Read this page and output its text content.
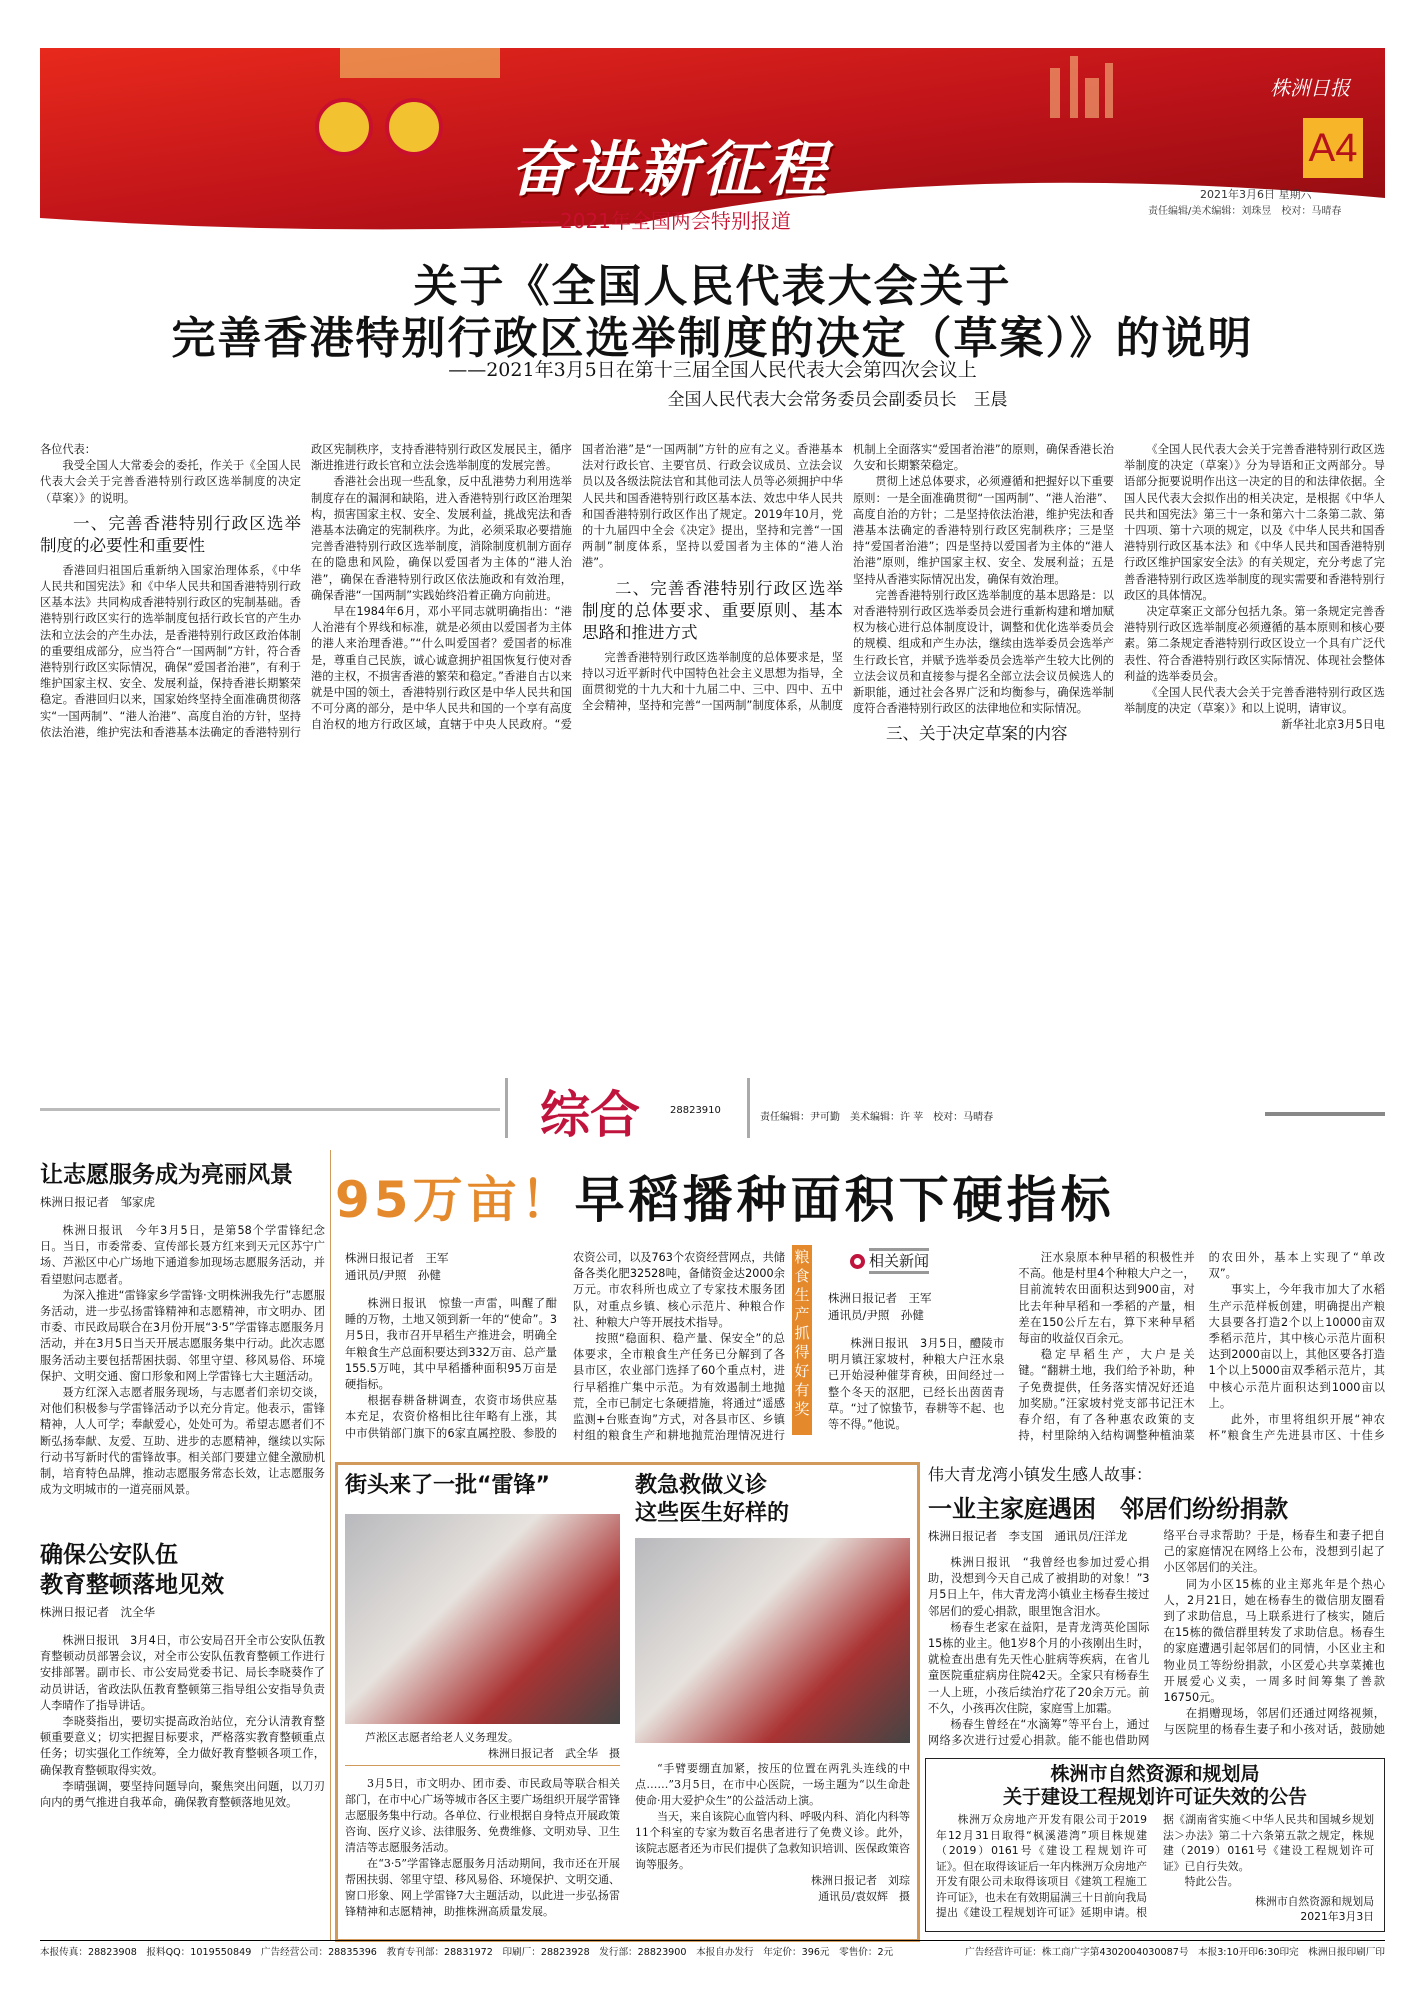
奋进新征程
——2021年全国两会特别报道
株洲日报
A4
2021年3月6日 星期六
责任编辑/美术编辑：刘珠昱　校对：马晴春
关于《全国人民代表大会关于
完善香港特别行政区选举制度的决定（草案）》的说明
——2021年3月5日在第十三届全国人民代表大会第四次会议上
全国人民代表大会常务委员会副委员长　王晨

各位代表：

我受全国人大常委会的委托，作关于《全国人民代表大会关于完善香港特别行政区选举制度的决定（草案）》的说明。

一、完善香港特别行政区选举制度的必要性和重要性

香港回归祖国后重新纳入国家治理体系，《中华人民共和国宪法》和《中华人民共和国香港特别行政区基本法》共同构成香港特别行政区的宪制基础。香港特别行政区实行的选举制度包括行政长官的产生办法和立法会的产生办法，是香港特别行政区政治体制的重要组成部分，应当符合“一国两制”方针，符合香港特别行政区实际情况，确保“爱国者治港”，有利于维护国家主权、安全、发展利益，保持香港长期繁荣稳定。香港回归以来，国家始终坚持全面准确贯彻落实“一国两制”、“港人治港”、高度自治的方针，坚持依法治港，维护宪法和香港基本法确定的香港特别行政区宪制秩序，支持香港特别行政区发展民主，循序渐进推进行政长官和立法会选举制度的发展完善。

香港社会出现一些乱象，反中乱港势力利用选举制度存在的漏洞和缺陷，进入香港特别行政区治理架构，损害国家主权、安全、发展利益，挑战宪法和香港基本法确定的宪制秩序。为此，必须采取必要措施完善香港特别行政区选举制度，消除制度机制方面存在的隐患和风险，确保以爱国者为主体的“港人治港”，确保在香港特别行政区依法施政和有效治理，确保香港“一国两制”实践始终沿着正确方向前进。

早在1984年6月，邓小平同志就明确指出：“港人治港有个界线和标准，就是必须由以爱国者为主体的港人来治理香港。”“什么叫爱国者？爱国者的标准是，尊重自己民族，诚心诚意拥护祖国恢复行使对香港的主权，不损害香港的繁荣和稳定。”香港自古以来就是中国的领土，香港特别行政区是中华人民共和国不可分离的部分，是中华人民共和国的一个享有高度自治权的地方行政区域，直辖于中央人民政府。“爱国者治港”是“一国两制”方针的应有之义。香港基本法对行政长官、主要官员、行政会议成员、立法会议员以及各级法院法官和其他司法人员等必须拥护中华人民共和国香港特别行政区基本法、效忠中华人民共和国香港特别行政区作出了规定。2019年10月，党的十九届四中全会《决定》提出，坚持和完善“一国两制”制度体系，坚持以爱国者为主体的“港人治港”。

二、完善香港特别行政区选举制度的总体要求、重要原则、基本思路和推进方式

完善香港特别行政区选举制度的总体要求是，坚持以习近平新时代中国特色社会主义思想为指导，全面贯彻党的十九大和十九届二中、三中、四中、五中全会精神，坚持和完善“一国两制”制度体系，从制度机制上全面落实“爱国者治港”的原则，确保香港长治久安和长期繁荣稳定。

贯彻上述总体要求，必须遵循和把握好以下重要原则：一是全面准确贯彻“一国两制”、“港人治港”、高度自治的方针；二是坚持依法治港，维护宪法和香港基本法确定的香港特别行政区宪制秩序；三是坚持“爱国者治港”；四是坚持以爱国者为主体的“港人治港”原则，维护国家主权、安全、发展利益；五是坚持从香港实际情况出发，确保有效治理。

完善香港特别行政区选举制度的基本思路是：以对香港特别行政区选举委员会进行重新构建和增加赋权为核心进行总体制度设计，调整和优化选举委员会的规模、组成和产生办法，继续由选举委员会选举产生行政长官，并赋予选举委员会选举产生较大比例的立法会议员和直接参与提名全部立法会议员候选人的新职能，通过社会各界广泛和均衡参与，确保选举制度符合香港特别行政区的法律地位和实际情况。

三、关于决定草案的内容

《全国人民代表大会关于完善香港特别行政区选举制度的决定（草案）》分为导语和正文两部分。导语部分扼要说明作出这一决定的目的和法律依据。全国人民代表大会拟作出的相关决定，是根据《中华人民共和国宪法》第三十一条和第六十二条第二款、第十四项、第十六项的规定，以及《中华人民共和国香港特别行政区基本法》和《中华人民共和国香港特别行政区维护国家安全法》的有关规定，充分考虑了完善香港特别行政区选举制度的现实需要和香港特别行政区的具体情况。

决定草案正文部分包括九条。第一条规定完善香港特别行政区选举制度必须遵循的基本原则和核心要素。第二条规定香港特别行政区设立一个具有广泛代表性、符合香港特别行政区实际情况、体现社会整体利益的选举委员会。

《全国人民代表大会关于完善香港特别行政区选举制度的决定（草案）》和以上说明，请审议。

新华社北京3月5日电

综合	28823910
责任编辑：尹可勤　美术编辑：许 苹　校对：马晴春
让志愿服务成为亮丽风景
株洲日报记者　邹家虎

株洲日报讯　今年3月5日，是第58个学雷锋纪念日。当日，市委常委、宣传部长聂方红来到天元区苏宁广场、芦淞区中心广场地下通道参加现场志愿服务活动，并看望慰问志愿者。

为深入推进“雷锋家乡学雷锋·文明株洲我先行”志愿服务活动，进一步弘扬雷锋精神和志愿精神，市文明办、团市委、市民政局联合在3月份开展“3·5”学雷锋志愿服务月活动，并在3月5日当天开展志愿服务集中行动。此次志愿服务活动主要包括帮困扶弱、邻里守望、移风易俗、环境保护、文明交通、窗口形象和网上学雷锋七大主题活动。

聂方红深入志愿者服务现场，与志愿者们亲切交谈，对他们积极参与学雷锋活动予以充分肯定。他表示，雷锋精神，人人可学；奉献爱心，处处可为。希望志愿者们不断弘扬奉献、友爱、互助、进步的志愿精神，继续以实际行动书写新时代的雷锋故事。相关部门要建立健全激励机制，培育特色品牌，推动志愿服务常态长效，让志愿服务成为文明城市的一道亮丽风景。

确保公安队伍
教育整顿落地见效
株洲日报记者　沈全华

株洲日报讯　3月4日，市公安局召开全市公安队伍教育整顿动员部署会议，对全市公安队伍教育整顿工作进行安排部署。副市长、市公安局党委书记、局长李晓葵作了动员讲话，省政法队伍教育整顿第三指导组公安指导负责人李晴作了指导讲话。

李晓葵指出，要切实提高政治站位，充分认清教育整顿重要意义；切实把握目标要求，严格落实教育整顿重点任务；切实强化工作统筹，全力做好教育整顿各项工作，确保教育整顿取得实效。

李晴强调，要坚持问题导向，聚焦突出问题，以刀刃向内的勇气推进自我革命，确保教育整顿落地见效。

95万亩！早稻播种面积下硬指标
株洲日报记者　王军
通讯员/尹照　孙健

株洲日报讯　惊蛰一声雷，叫醒了酣睡的万物，土地又领到新一年的“使命”。3月5日，我市召开早稻生产推进会，明确全年粮食生产总面积要达到332万亩、总产量155.5万吨，其中早稻播种面积95万亩是硬指标。

根据春耕备耕调查，农资市场供应基本充足，农资价格相比往年略有上涨，其中市供销部门旗下的6家直属控股、参股的农资公司，以及763个农资经营网点，共储备各类化肥32528吨，备储资金达2000余万元。市农科所也成立了专家技术服务团队，对重点乡镇、核心示范片、种粮合作社、种粮大户等开展技术指导。

按照“稳面积、稳产量、保安全”的总体要求，全市粮食生产任务已分解到了各县市区，农业部门选择了60个重点村，进行早稻推广集中示范。为有效遏制土地抛荒，全市已制定七条硬措施，将通过“遥感监测+台账查询”方式，对各县市区、乡镇村组的粮食生产和耕地抛荒治理情况进行

粮食生产抓得好 有奖
相关新闻
株洲日报记者　王军
通讯员/尹照　孙健

株洲日报讯　3月5日，醴陵市明月镇汪家坡村，种粮大户汪水泉已开始浸种催芽育秧，田间经过一整个冬天的沤肥，已经长出茵茵青草。“过了惊蛰节，春耕等不起、也等不得。”他说。

汪水泉原本种早稻的积极性并不高。他是村里4个种粮大户之一，目前流转农田面积达到900亩，对比去年种早稻和一季稻的产量，相差在150公斤左右，算下来种早稻每亩的收益仅百余元。

稳定早稻生产，大户是关键。“翻耕土地，我们给予补助，种子免费提供，任务落实情况好还追加奖励。”汪家坡村党支部书记汪木春介绍，有了各种惠农政策的支持，村里除纳入结构调整种植油菜的农田外，基本上实现了“单改双”。

事实上，今年我市加大了水稻生产示范样板创建，明确提出产粮大县要各打造2个以上10000亩双季稻示范片，其中核心示范片面积达到2000亩以上，其他区要各打造1个以上5000亩双季稻示范片，其中核心示范片面积达到1000亩以上。

此外，市里将组织开展“神农杯”粮食生产先进县市区、十佳乡

街头来了一批“雷锋”
芦淞区志愿者给老人义务理发。
株洲日报记者　武全华　摄

3月5日，市文明办、团市委、市民政局等联合相关部门，在市中心广场等城市各区主要广场组织开展学雷锋志愿服务集中行动。各单位、行业根据自身特点开展政策咨询、医疗义诊、法律服务、免费维修、文明劝导、卫生清洁等志愿服务活动。

在“3·5”学雷锋志愿服务月活动期间，我市还在开展帮困扶弱、邻里守望、移风易俗、环境保护、文明交通、窗口形象、网上学雷锋7大主题活动，以此进一步弘扬雷锋精神和志愿精神，助推株洲高质量发展。

教急救做义诊
这些医生好样的

“手臂要绷直加紧，按压的位置在两乳头连线的中点……”3月5日，在市中心医院，一场主题为“以生命赴使命·用大爱护众生”的公益活动上演。

当天，来自该院心血管内科、呼吸内科、消化内科等11个科室的专家为数百名患者进行了免费义诊。此外，该院志愿者还为市民们提供了急救知识培训、医保政策咨询等服务。

株洲日报记者　刘琮
通讯员/袁奴辉　摄
伟大青龙湾小镇发生感人故事：
一业主家庭遇困　邻居们纷纷捐款
株洲日报记者　李支国　通讯员/汪洋龙

株洲日报讯　“我曾经也参加过爱心捐助，没想到今天自己成了被捐助的对象！”3月5日上午，伟大青龙湾小镇业主杨春生接过邻居们的爱心捐款，眼里饱含泪水。

杨春生老家在益阳，是青龙湾英伦国际15栋的业主。他1岁8个月的小孩刚出生时，就检查出患有先天性心脏病等疾病，在省儿童医院重症病房住院42天。全家只有杨春生一人上班，小孩后续治疗花了20余万元。前不久，小孩再次住院，家庭雪上加霜。

杨春生曾经在“水滴筹”等平台上，通过网络多次进行过爱心捐款。能不能也借助网络平台寻求帮助？于是，杨春生和妻子把自己的家庭情况在网络上公布，没想到引起了小区邻居们的关注。

同为小区15栋的业主郑兆年是个热心人，2月21日，她在杨春生的微信朋友圈看到了求助信息，马上联系进行了核实，随后在15栋的微信群里转发了求助信息。杨春生的家庭遭遇引起邻居们的同情，小区业主和物业员工等纷纷捐款，小区爱心共享菜摊也开展爱心义卖，一周多时间筹集了善款16750元。

在捐赠现场，邻居们还通过网络视频，与医院里的杨春生妻子和小孩对话，鼓励她

株洲市自然资源和规划局
关于建设工程规划许可证失效的公告

株洲万众房地产开发有限公司于2019年12月31日取得“枫溪港湾”项目株规建（2019）0161号《建设工程规划许可证》。但在取得该证后一年内株洲万众房地产开发有限公司未取得该项目《建筑工程施工许可证》，也未在有效期届满三十日前向我局提出《建设工程规划许可证》延期申请。根据《湖南省实施＜中华人民共和国城乡规划法＞办法》第二十六条第五款之规定，株规建（2019）0161号《建设工程规划许可证》已自行失效。

特此公告。

株洲市自然资源和规划局

2021年3月3日

本报传真：28823908　报料QQ：1019550849　广告经营公司：28835396　教育专刊部：28831972　印刷厂：28823928　发行部：28823900　本报自办发行　年定价：396元　零售价：2元	广告经营许可证：株工商广字第4302004030087号　本报3:10开印6:30印完　株洲日报印刷厂印
